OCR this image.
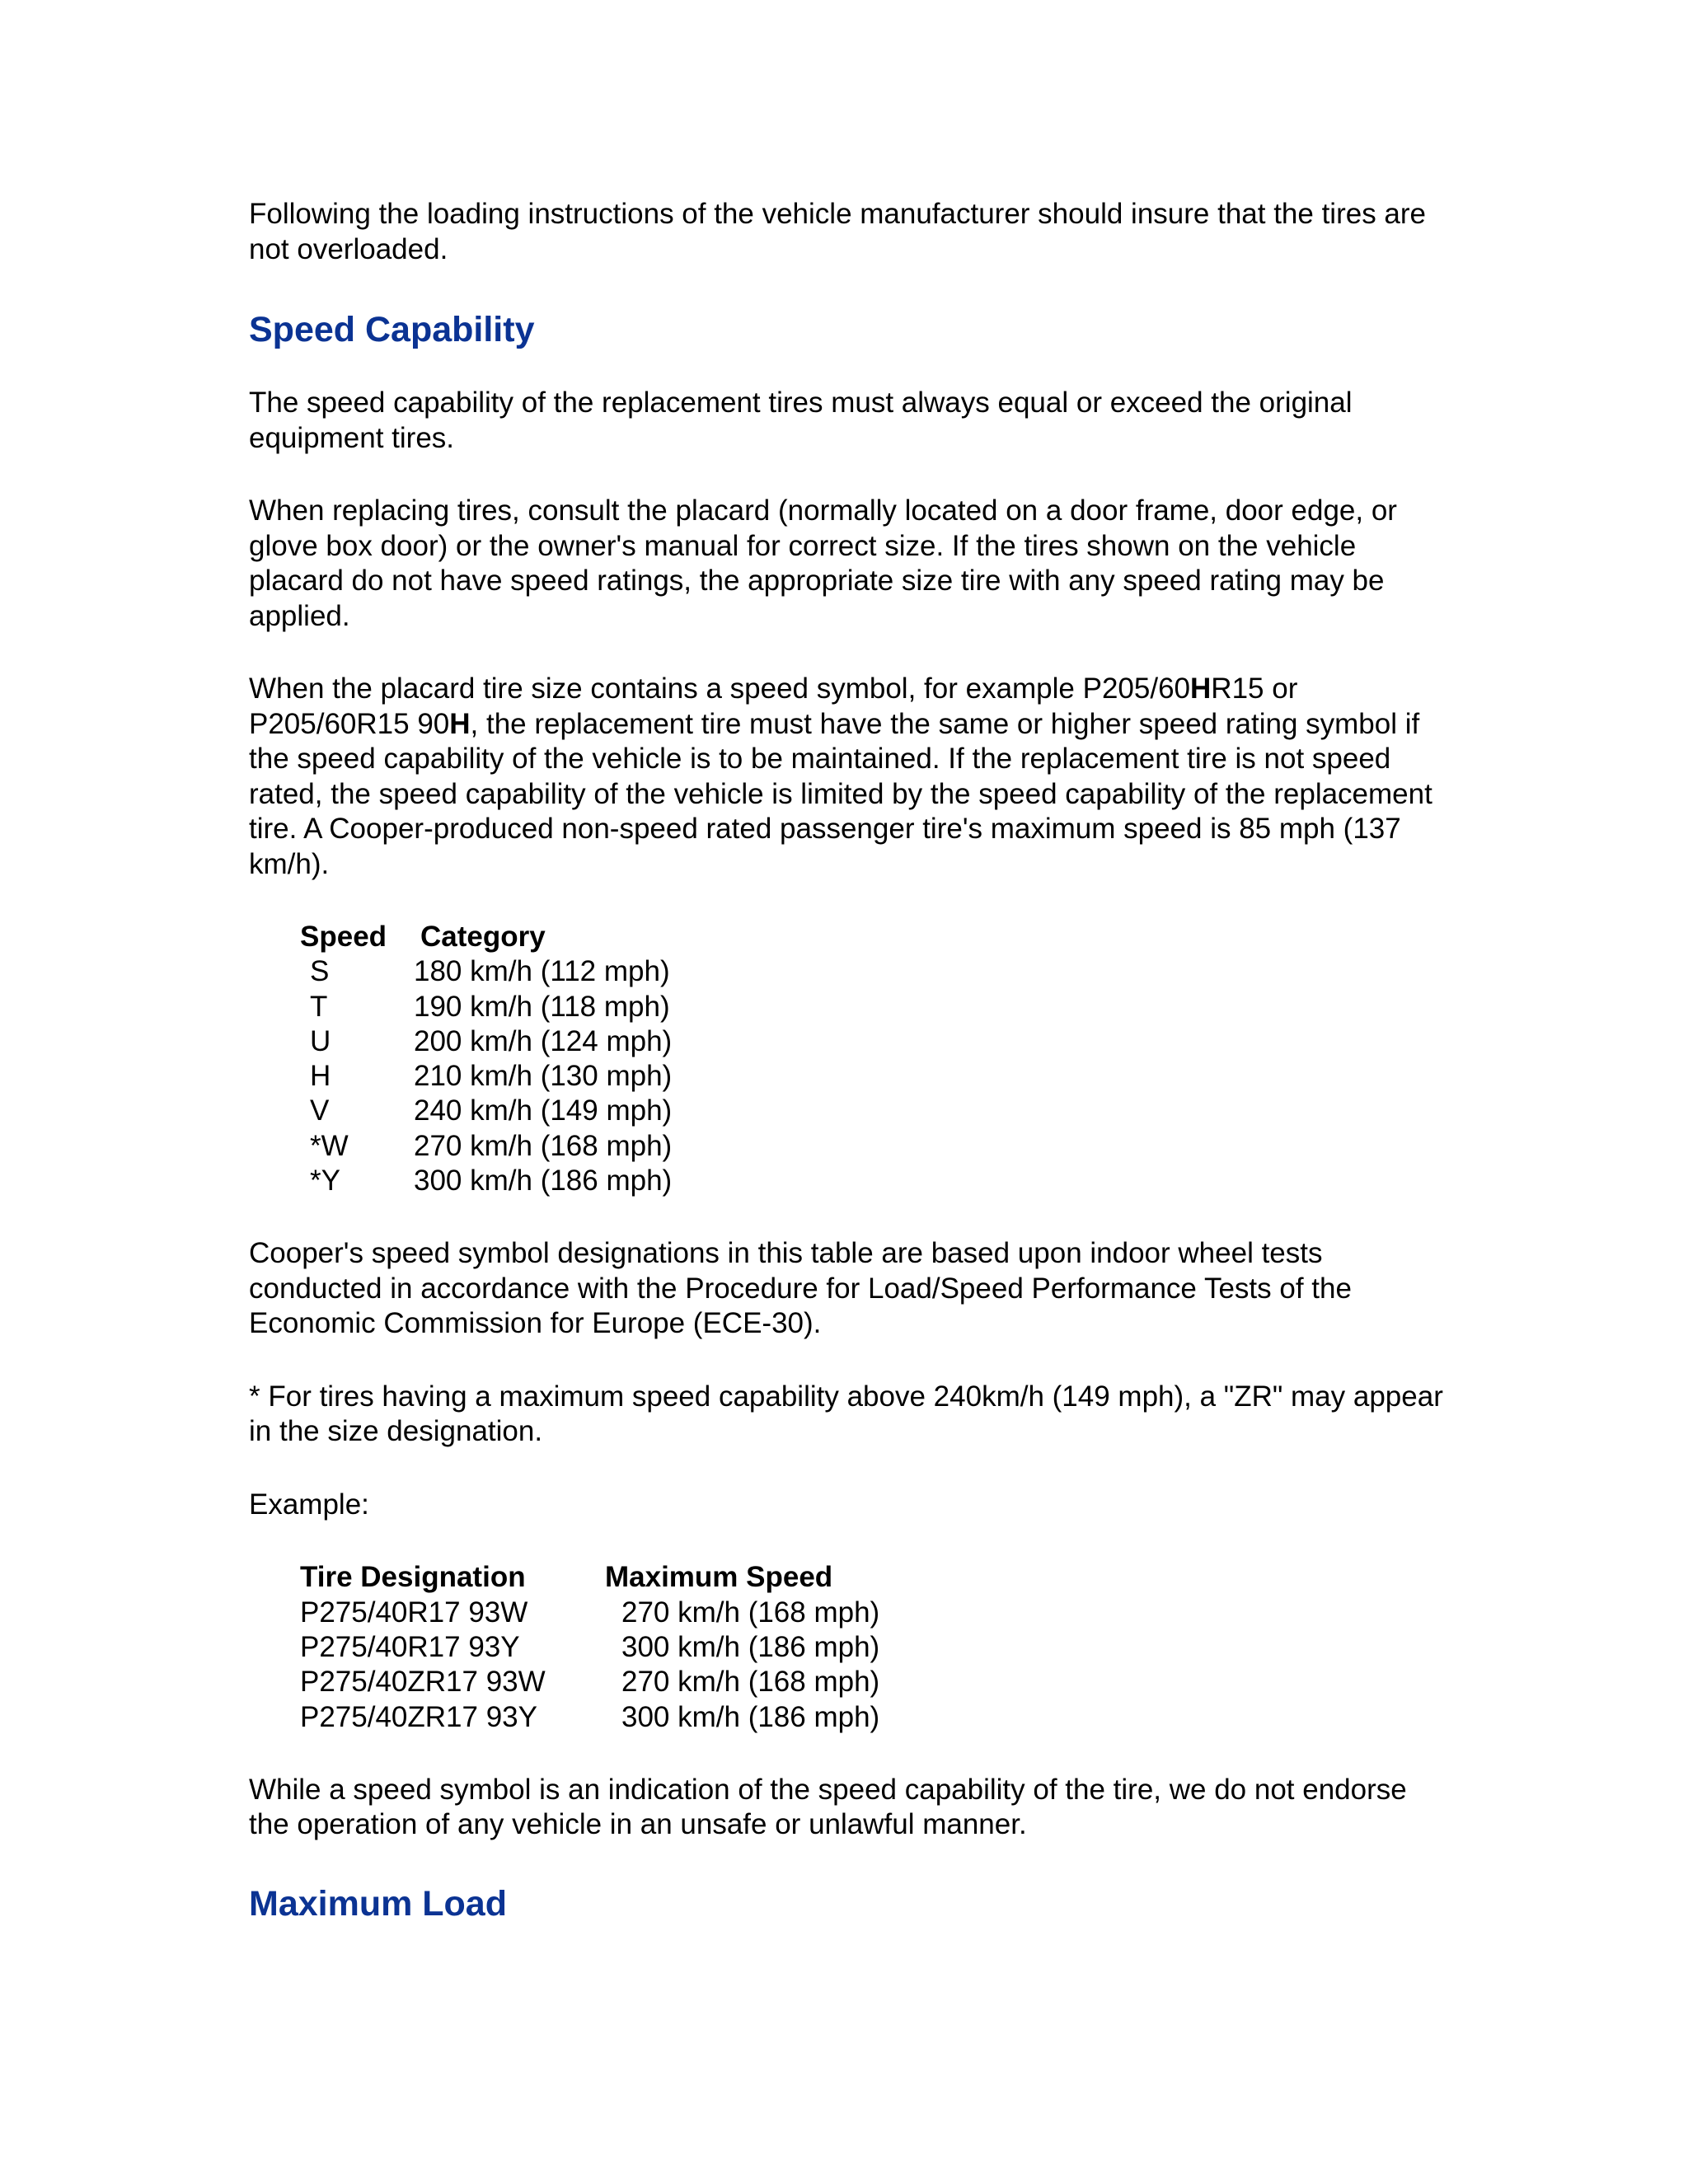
Following the loading instructions of the vehicle manufacturer should insure that the tires are not overloaded.

Speed Capability

The speed capability of the replacement tires must always equal or exceed the original equipment tires.

When replacing tires, consult the placard (normally located on a door frame, door edge, or glove box door) or the owner's manual for correct size. If the tires shown on the vehicle placard do not have speed ratings, the appropriate size tire with any speed rating may be applied.

When the placard tire size contains a speed symbol, for example P205/60HR15 or P205/60R15 90H, the replacement tire must have the same or higher speed rating symbol if the speed capability of the vehicle is to be maintained. If the replacement tire is not speed rated, the speed capability of the vehicle is limited by the speed capability of the replacement tire. A Cooper-produced non-speed rated passenger tire's maximum speed is 85 mph (137 km/h).

Speed	Category
S	180 km/h (112 mph)
T	190 km/h (118 mph)
U	200 km/h (124 mph)
H	210 km/h (130 mph)
V	240 km/h (149 mph)
*W	270 km/h (168 mph)
*Y	300 km/h (186 mph)

Cooper's speed symbol designations in this table are based upon indoor wheel tests conducted in accordance with the Procedure for Load/Speed Performance Tests of the Economic Commission for Europe (ECE-30).

* For tires having a maximum speed capability above 240km/h (149 mph), a "ZR" may appear in the size designation.

Example:

Tire Designation	Maximum Speed
P275/40R17 93W	270 km/h (168 mph)
P275/40R17 93Y	300 km/h (186 mph)
P275/40ZR17 93W	270 km/h (168 mph)
P275/40ZR17 93Y	300 km/h (186 mph)

While a speed symbol is an indication of the speed capability of the tire, we do not endorse the operation of any vehicle in an unsafe or unlawful manner.

Maximum Load
